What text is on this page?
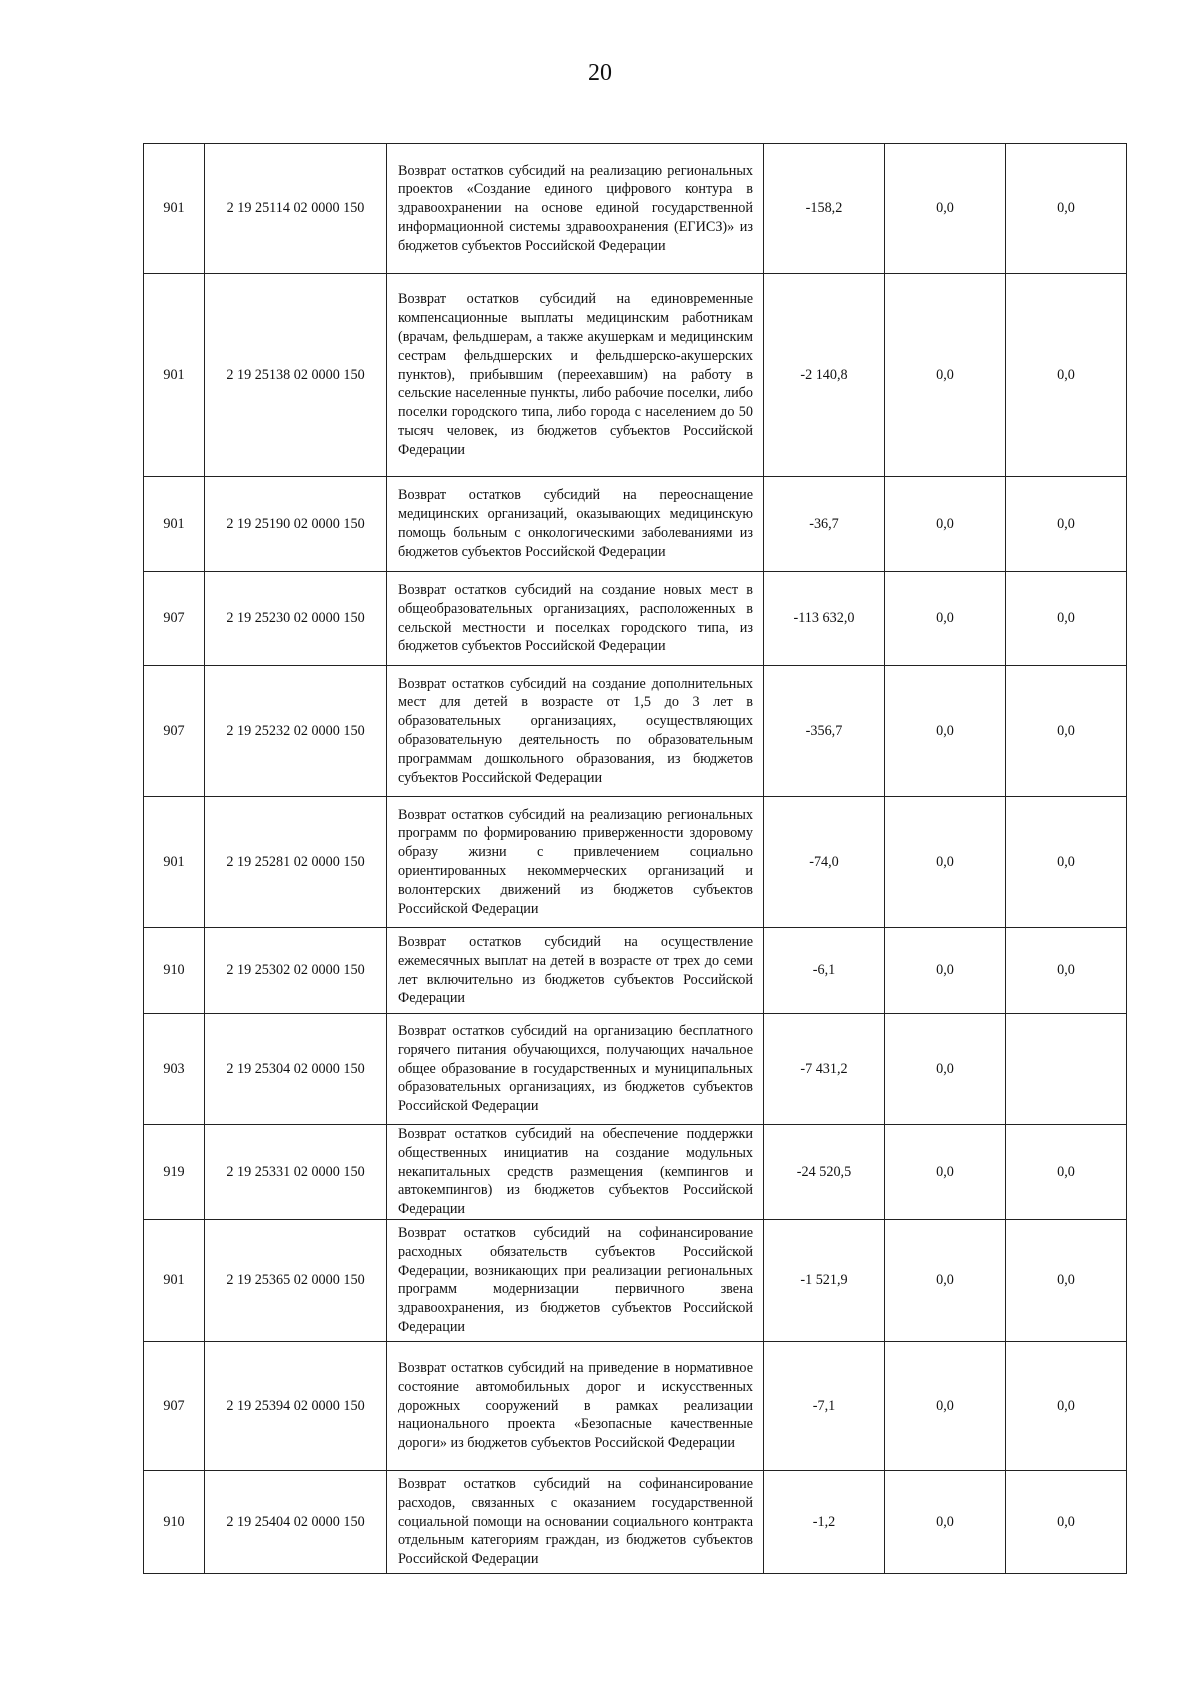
20
901	2 19 25114 02 0000 150	Возврат остатков субсидий на реализацию региональных проектов «Создание единого цифрового контура в здравоохранении на основе единой государственной информационной системы здравоохранения (ЕГИСЗ)» из бюджетов субъектов Российской Федерации	-158,2	0,0	0,0
901	2 19 25138 02 0000 150	Возврат остатков субсидий на единовременные компенсационные выплаты медицинским работникам (врачам, фельдшерам, а также акушеркам и медицинским сестрам фельдшерских и фельдшерско-акушерских пунктов), прибывшим (переехавшим) на работу в сельские населенные пункты, либо рабочие поселки, либо поселки городского типа, либо города с населением до 50 тысяч человек, из бюджетов субъектов Российской Федерации	-2 140,8	0,0	0,0
901	2 19 25190 02 0000 150	Возврат остатков субсидий на переоснащение медицинских организаций, оказывающих медицинскую помощь больным с онкологическими заболеваниями из бюджетов субъектов Российской Федерации	-36,7	0,0	0,0
907	2 19 25230 02 0000 150	Возврат остатков субсидий на создание новых мест в общеобразовательных организациях, расположенных в сельской местности и поселках городского типа, из бюджетов субъектов Российской Федерации	-113 632,0	0,0	0,0
907	2 19 25232 02 0000 150	Возврат остатков субсидий на создание дополнительных мест для детей в возрасте от 1,5 до 3 лет в образовательных организациях, осуществляющих образовательную деятельность по образовательным программам дошкольного образования, из бюджетов субъектов Российской Федерации	-356,7	0,0	0,0
901	2 19 25281 02 0000 150	Возврат остатков субсидий на реализацию региональных программ по формированию приверженности здоровому образу жизни с привлечением социально ориентированных некоммерческих организаций и волонтерских движений из бюджетов субъектов Российской Федерации	-74,0	0,0	0,0
910	2 19 25302 02 0000 150	Возврат остатков субсидий на осуществление ежемесячных выплат на детей в возрасте от трех до семи лет включительно из бюджетов субъектов Российской Федерации	-6,1	0,0	0,0
903	2 19 25304 02 0000 150	Возврат остатков субсидий на организацию бесплатного горячего питания обучающихся, получающих начальное общее образование в государственных и муниципальных образовательных организациях, из бюджетов субъектов Российской Федерации	-7 431,2	0,0	
919	2 19 25331 02 0000 150	Возврат остатков субсидий на обеспечение поддержки общественных инициатив на создание модульных некапитальных средств размещения (кемпингов и автокемпингов) из бюджетов субъектов Российской Федерации	-24 520,5	0,0	0,0
901	2 19 25365 02 0000 150	Возврат остатков субсидий на софинансирование расходных обязательств субъектов Российской Федерации, возникающих при реализации региональных программ модернизации первичного звена здравоохранения, из бюджетов субъектов Российской Федерации	-1 521,9	0,0	0,0
907	2 19 25394 02 0000 150	Возврат остатков субсидий на приведение в нормативное состояние автомобильных дорог и искусственных дорожных сооружений в рамках реализации национального проекта «Безопасные качественные дороги» из бюджетов субъектов Российской Федерации	-7,1	0,0	0,0
910	2 19 25404 02 0000 150	Возврат остатков субсидий на софинансирование расходов, связанных с оказанием государственной социальной помощи на основании социального контракта отдельным категориям граждан, из бюджетов субъектов Российской Федерации	-1,2	0,0	0,0
